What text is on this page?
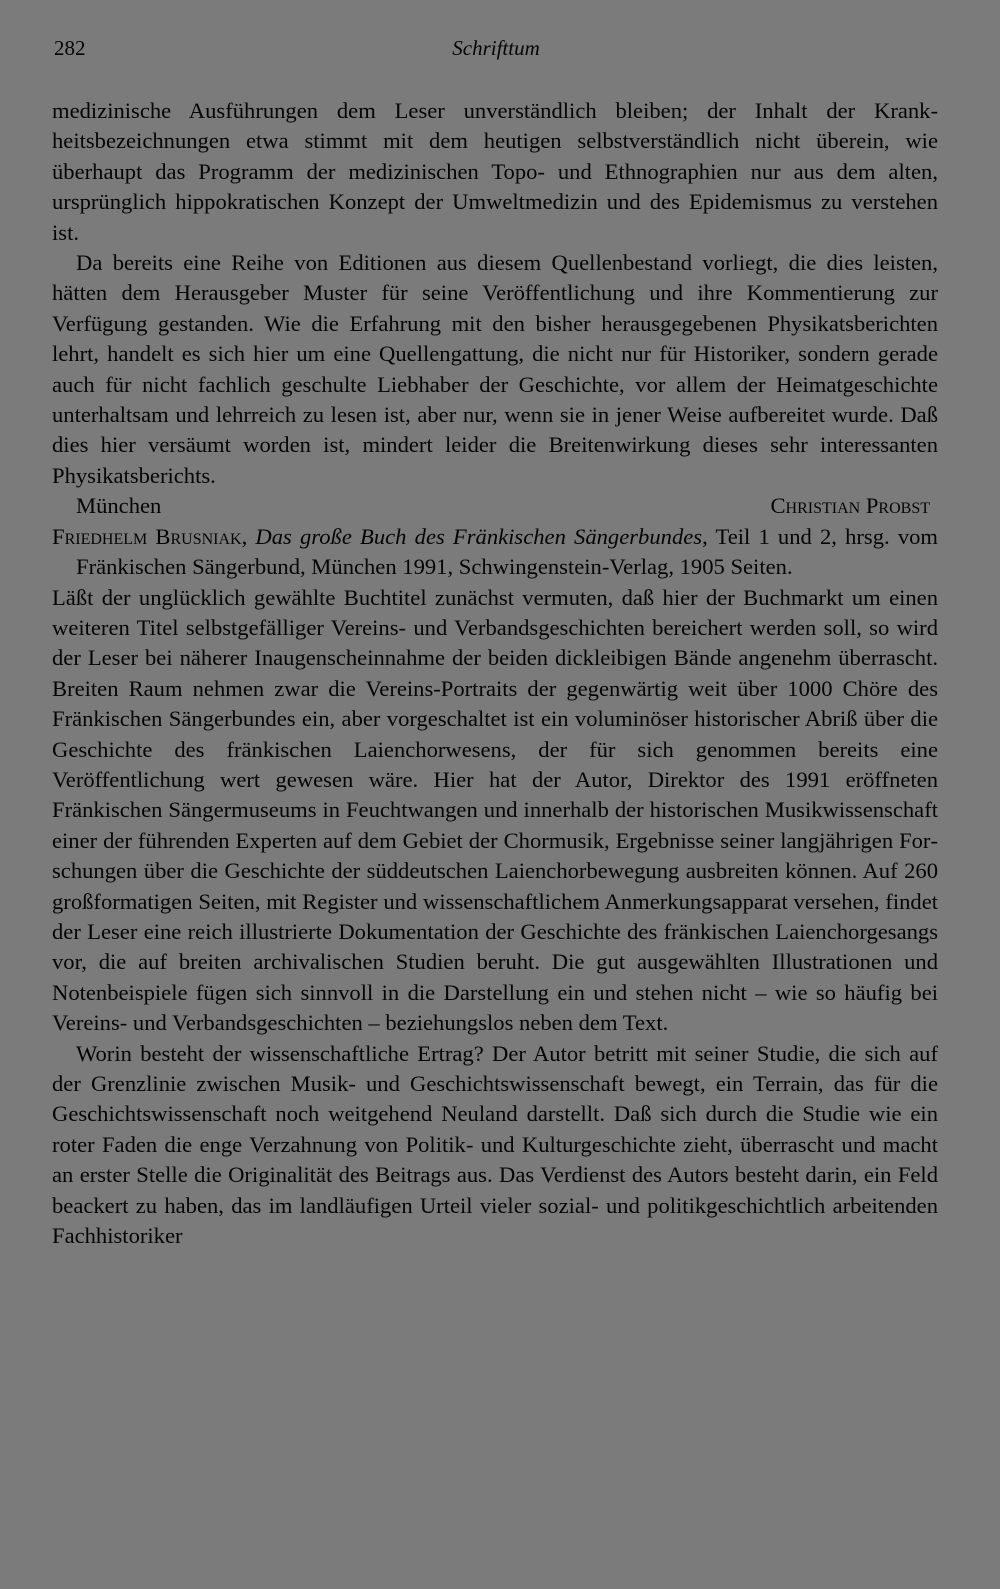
282	Schrifttum

medizinische Ausführungen dem Leser unverständlich bleiben; der Inhalt der Krankheitsbezeichnungen etwa stimmt mit dem heutigen selbstverständlich nicht überein, wie überhaupt das Programm der medizinischen Topo- und Ethnographien nur aus dem alten, ursprünglich hippokratischen Konzept der Umweltmedizin und des Epidemismus zu verstehen ist.

Da bereits eine Reihe von Editionen aus diesem Quellenbestand vorliegt, die dies leisten, hätten dem Herausgeber Muster für seine Veröffentlichung und ihre Kommentierung zur Verfügung gestanden. Wie die Erfahrung mit den bisher herausgegebenen Physikatsberichten lehrt, handelt es sich hier um eine Quellengattung, die nicht nur für Historiker, sondern gerade auch für nicht fachlich geschulte Liebhaber der Geschichte, vor allem der Heimatgeschichte unterhaltsam und lehrreich zu lesen ist, aber nur, wenn sie in jener Weise aufbereitet wurde. Daß dies hier versäumt worden ist, mindert leider die Breitenwirkung dieses sehr interessanten Physikatsberichts.

München	Christian Probst

Friedhelm Brusniak, Das große Buch des Fränkischen Sängerbundes, Teil 1 und 2, hrsg. vom Fränkischen Sängerbund, München 1991, Schwingenstein-Verlag, 1905 Seiten.

Läßt der unglücklich gewählte Buchtitel zunächst vermuten, daß hier der Buchmarkt um einen weiteren Titel selbstgefälliger Vereins- und Verbandsgeschichten bereichert werden soll, so wird der Leser bei näherer Inaugenscheinnahme der beiden dickleibigen Bände angenehm überrascht. Breiten Raum nehmen zwar die Vereins-Portraits der gegenwärtig weit über 1000 Chöre des Fränkischen Sängerbundes ein, aber vorgeschaltet ist ein voluminöser historischer Abriß über die Geschichte des fränkischen Laienchorwesens, der für sich genommen bereits eine Veröffentlichung wert gewesen wäre. Hier hat der Autor, Direktor des 1991 eröffneten Fränkischen Sängermuseums in Feuchtwangen und innerhalb der historischen Musikwissenschaft einer der führenden Experten auf dem Gebiet der Chormusik, Ergebnisse seiner langjährigen Forschungen über die Geschichte der süddeutschen Laienchorbewegung ausbreiten können. Auf 260 großformatigen Seiten, mit Register und wissenschaftlichem Anmerkungsapparat versehen, findet der Leser eine reich illustrierte Dokumentation der Geschichte des fränkischen Laienchorgesangs vor, die auf breiten archivalischen Studien beruht. Die gut ausgewählten Illustrationen und Notenbeispiele fügen sich sinnvoll in die Darstellung ein und stehen nicht – wie so häufig bei Vereins- und Verbandsgeschichten – beziehungslos neben dem Text.

Worin besteht der wissenschaftliche Ertrag? Der Autor betritt mit seiner Studie, die sich auf der Grenzlinie zwischen Musik- und Geschichtswissenschaft bewegt, ein Terrain, das für die Geschichtswissenschaft noch weitgehend Neuland darstellt. Daß sich durch die Studie wie ein roter Faden die enge Verzahnung von Politik- und Kulturgeschichte zieht, überrascht und macht an erster Stelle die Originalität des Beitrags aus. Das Verdienst des Autors besteht darin, ein Feld beackert zu haben, das im landläufigen Urteil vieler sozial- und politikgeschichtlich arbeitenden Fachhistoriker
